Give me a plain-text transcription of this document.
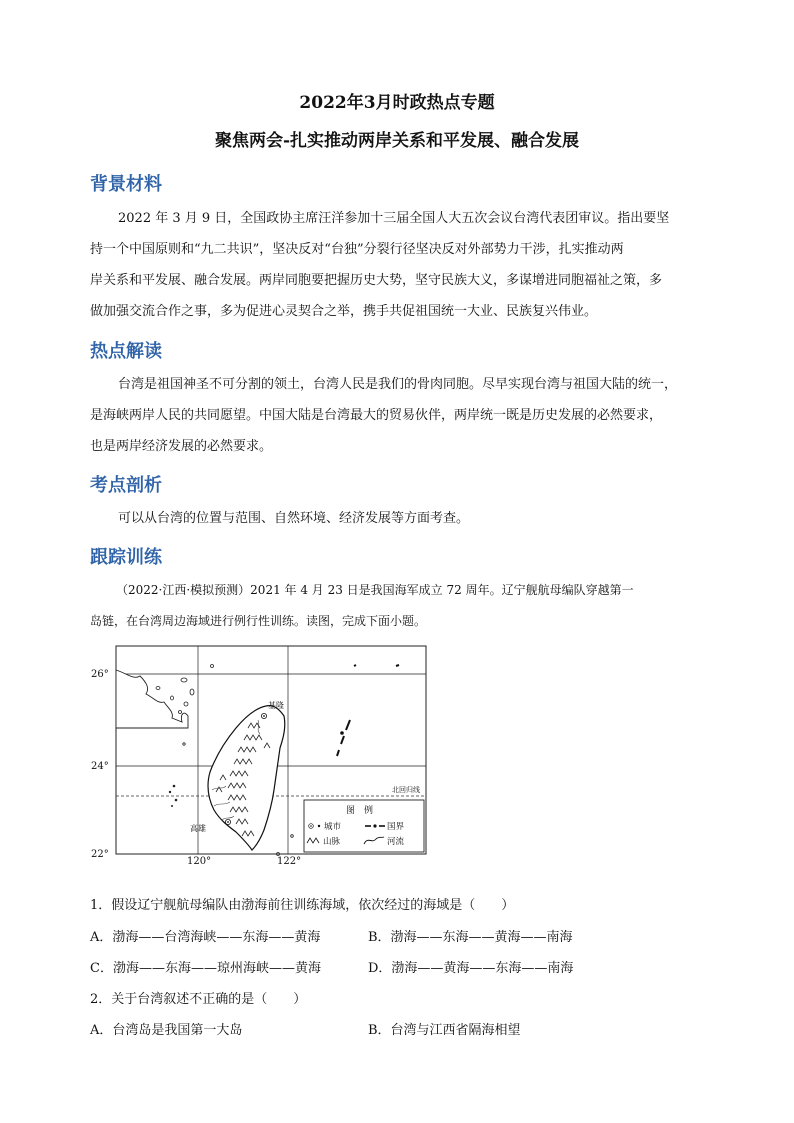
2022年3月时政热点专题
聚焦两会-扎实推动两岸关系和平发展、融合发展
背景材料
2022 年 3 月 9 日，全国政协主席汪洋参加十三届全国人大五次会议台湾代表团审议。指出要坚
持一个中国原则和“九二共识”，坚决反对“台独”分裂行径坚决反对外部势力干涉，扎实推动两
岸关系和平发展、融合发展。两岸同胞要把握历史大势，坚守民族大义，多谋增进同胞福祉之策，多
做加强交流合作之事，多为促进心灵契合之举，携手共促祖国统一大业、民族复兴伟业。
热点解读
台湾是祖国神圣不可分割的领土，台湾人民是我们的骨肉同胞。尽早实现台湾与祖国大陆的统一，
是海峡两岸人民的共同愿望。中国大陆是台湾最大的贸易伙伴，两岸统一既是历史发展的必然要求，
也是两岸经济发展的必然要求。
考点剖析
可以从台湾的位置与范围、自然环境、经济发展等方面考查。
跟踪训练
（2022·江西·模拟预测）2021 年 4 月 23 日是我国海军成立 72 周年。辽宁舰航母编队穿越第一
岛链，在台湾周边海域进行例行性训练。读图，完成下面小题。
基隆
高雄
北回归线
26°
24°
22°
120°	122°
图　例
城市	国界
山脉	河流
1．假设辽宁舰航母编队由渤海前往训练海域，依次经过的海域是（　　）
A．渤海——台湾海峡——东海——黄海	B．渤海——东海——黄海——南海
C．渤海——东海——琼州海峡——黄海	D．渤海——黄海——东海——南海
2．关于台湾叙述不正确的是（　　）
A．台湾岛是我国第一大岛	B．台湾与江西省隔海相望
